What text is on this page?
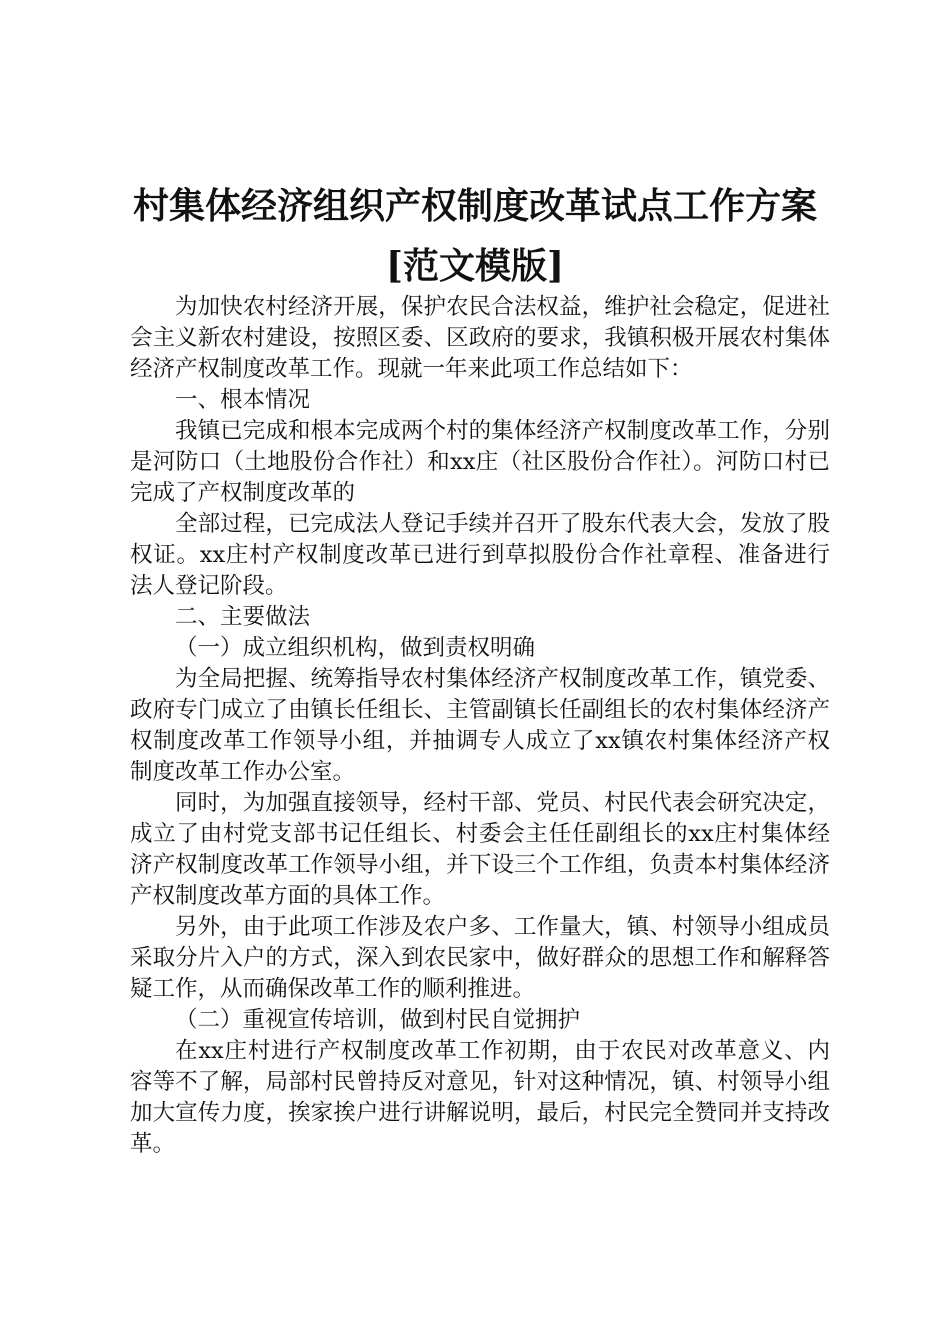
村集体经济组织产权制度改革试点工作方案
[范文模版]

为加快农村经济开展，保护农民合法权益，维护社会稳定，促进社会主义新农村建设，按照区委、区政府的要求，我镇积极开展农村集体经济产权制度改革工作。现就一年来此项工作总结如下：

一、根本情况

我镇已完成和根本完成两个村的集体经济产权制度改革工作，分别是河防口（土地股份合作社）和xx庄（社区股份合作社）。河防口村已完成了产权制度改革的

全部过程，已完成法人登记手续并召开了股东代表大会，发放了股权证。xx庄村产权制度改革已进行到草拟股份合作社章程、准备进行法人登记阶段。

二、主要做法

（一）成立组织机构，做到责权明确

为全局把握、统筹指导农村集体经济产权制度改革工作，镇党委、政府专门成立了由镇长任组长、主管副镇长任副组长的农村集体经济产权制度改革工作领导小组，并抽调专人成立了xx镇农村集体经济产权制度改革工作办公室。

同时，为加强直接领导，经村干部、党员、村民代表会研究决定，成立了由村党支部书记任组长、村委会主任任副组长的xx庄村集体经济产权制度改革工作领导小组，并下设三个工作组，负责本村集体经济产权制度改革方面的具体工作。

另外，由于此项工作涉及农户多、工作量大，镇、村领导小组成员采取分片入户的方式，深入到农民家中，做好群众的思想工作和解释答疑工作，从而确保改革工作的顺利推进。

（二）重视宣传培训，做到村民自觉拥护

在xx庄村进行产权制度改革工作初期，由于农民对改革意义、内容等不了解，局部村民曾持反对意见，针对这种情况，镇、村领导小组加大宣传力度，挨家挨户进行讲解说明，最后，村民完全赞同并支持改革。
